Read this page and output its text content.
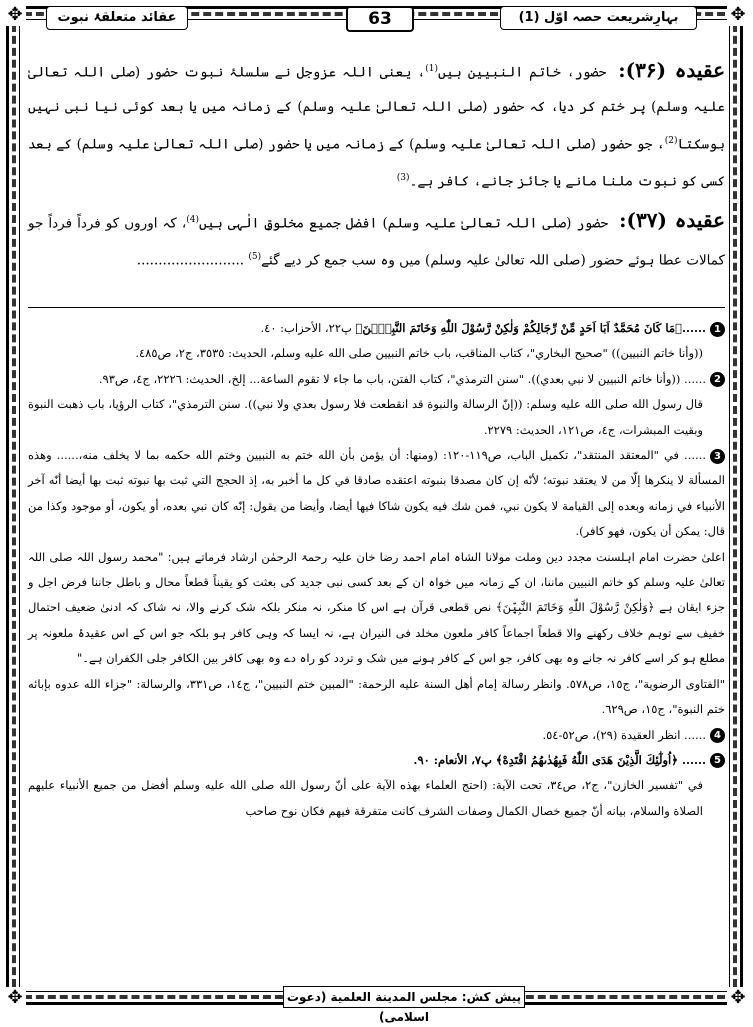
✥	✥
✥	✥
بہارِشریعت حصہ اوّل (1)
63
عقائد متعلقۂ نبوت

عقیدہ (۳۶): حضور، خاتم النبیین ہیں$^{(1)}$، یعنی اللہ عزوجل نے سلسلۂ نبوت حضور (صلی اللہ تعالیٰ علیہ وسلم) پر ختم کر دیا، کہ حضور (صلی اللہ تعالیٰ علیہ وسلم) کے زمانہ میں یا بعد کوئی نیا نبی نہیں ہوسکتا$^{(2)}$، جو حضور (صلی اللہ تعالیٰ علیہ وسلم) کے زمانہ میں یا حضور (صلی اللہ تعالیٰ علیہ وسلم) کے بعد کسی کو نبوت ملنا مانے یا جائز جانے، کافر ہے۔$^{(3)}$

عقیدہ (۳۷): حضور (صلی اللہ تعالیٰ علیہ وسلم) افضل جمیع مخلوقِ الٰہی ہیں$^{(4)}$، کہ اوروں کو فرداً فرداً جو کمالات عطا ہوئے حضور (صلی اللہ تعالیٰ علیہ وسلم) میں وہ سب جمع کر دیے گئے$^{(5)}$ .........................

1......﴿مَا كَانَ مُحَمَّدٌ اَبَا اَحَدٍ مِّنْ رِّجَالِكُمْ وَلٰكِنْ رَّسُوْلَ اللّٰهِ وَخَاتَمَ النَّبِيّٖنَ﴾ پ۲۲، الأحزاب: ٤٠.

((وأنا خاتم النبيين)) "صحيح البخاري"، كتاب المناقب، باب خاتم النبيين صلى الله عليه وسلم، الحديث: ٣٥٣٥، ج٢، ص٤٨٥.

2...... ((وأنا خاتم النبيين لا نبي بعدي)). "سنن الترمذي"، كتاب الفتن، باب ما جاء لا تقوم الساعة... إلخ، الحديث: ٢٢٢٦، ج٤، ص٩٣.

قال رسول الله صلى الله عليه وسلم: ((إنّ الرسالة والنبوة قد انقطعت فلا رسول بعدي ولا نبي)). سنن الترمذي"، كتاب الرؤيا، باب ذهبت النبوة وبقيت المبشرات، ج٤، ص١٢١، الحديث: ٢٢٧٩.

3...... في "المعتقد المنتقد"، تكميل الباب، ص١١٩-١٢٠: (ومنها: أن يؤمن بأن الله ختم به النبيين وختم الله حكمه بما لا يخلف منه،...... وهذه المسألة لا ينكرها إلّا من لا يعتقد نبوته؛ لأنّه إن كان مصدقا بنبوته اعتقده صادقا في كل ما أخبر به، إذ الحجج التي ثبت بها نبوته ثبت بها أيضا أنّه آخر الأنبياء في زمانه وبعده إلى القيامة لا يكون نبي، فمن شك فيه يكون شاكا فيها أيضا، وأيضا من يقول: إنّه كان نبي بعده، أو يكون، أو موجود وكذا من قال: يمكن أن يكون، فهو كافر).

اعلیٰ حضرت امام اہلسنت مجدد دین وملت مولانا الشاہ امام احمد رضا خان علیہ رحمۃ الرحمٰن ارشاد فرماتے ہیں: "محمد رسول اللہ صلی اللہ تعالیٰ علیہ وسلم کو خاتم النبیین ماننا، ان کے زمانہ میں خواہ ان کے بعد کسی نبی جدید کی بعثت کو یقیناً قطعاً محال و باطل جاننا فرض اجل و جزء ایقان ہے ﴿وَلٰكِنْ رَّسُوْلَ اللّٰهِ وَخَاتَمَ النَّبِيّٖنَ﴾ نص قطعی قرآن ہے اس کا منکر، نہ منکر بلکہ شک کرنے والا، نہ شاک کہ ادنیٰ ضعیف احتمال خفیف سے توہم خلاف رکھنے والا قطعاً اجماعاً کافر ملعون مخلد فی النیران ہے، نہ ایسا کہ وہی کافر ہو بلکہ جو اس کے اس عقیدۂ ملعونہ پر مطلع ہو کر اسے کافر نہ جانے وہ بھی کافر، جو اس کے کافر ہونے میں شک و تردد کو راہ دے وہ بھی کافر بین الکافر جلی الکفران ہے۔"

"الفتاوى الرضوية"، ج١٥، ص٥٧٨. وانظر رسالة إمام أهل السنة عليه الرحمة: "المبين ختم النبيين"، ج١٤، ص٣٣١، والرسالة: "جزاء الله عدوه بإبائه ختم النبوة"، ج١٥، ص٦٢٩.

4...... انظر العقيدة (٢٩)، ص٥٢-٥٤.

5...... ﴿اُولٰٓئِكَ الَّذِيْنَ هَدَى اللّٰهُ فَبِهُدٰىهُمُ اقْتَدِهْ﴾ پ٧، الأنعام: ٩٠.

في "تفسير الخازن"، ج٢، ص٣٤، تحت الآية: (احتج العلماء بهذه الآية على أنّ رسول الله صلى الله عليه وسلم أفضل من جميع الأنبياء عليهم الصلاة والسلام، بيانه أنّ جميع خصال الكمال وصفات الشرف كانت متفرقة فيهم فكان نوح صاحب

پیش کش: مجلس المدينة العلمية (دعوت اسلامی)
